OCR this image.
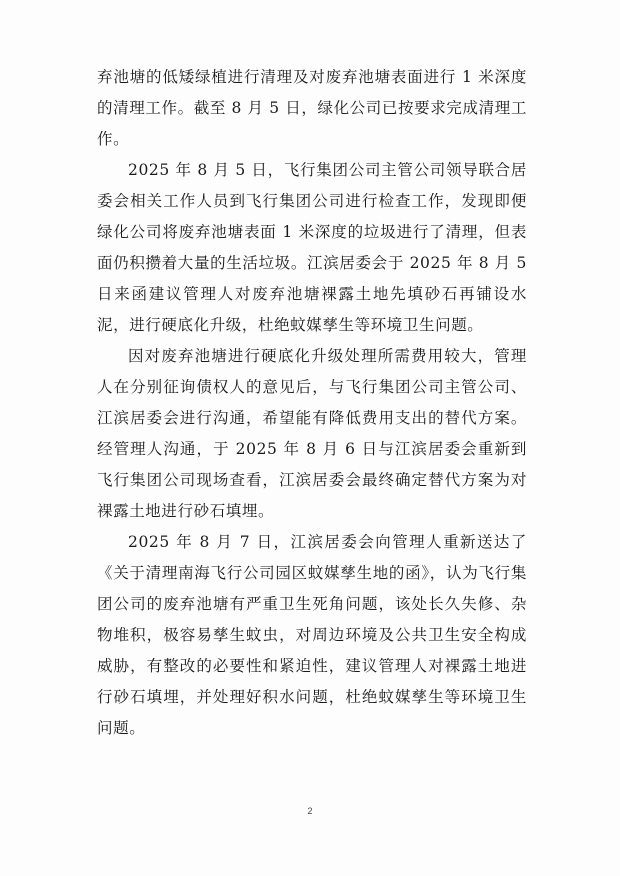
弃池塘的低矮绿植进行清理及对废弃池塘表面进行 1 米深度的清理工作。截至 8 月 5 日，绿化公司已按要求完成清理工作。

2025 年 8 月 5 日，飞行集团公司主管公司领导联合居委会相关工作人员到飞行集团公司进行检查工作，发现即便绿化公司将废弃池塘表面 1 米深度的垃圾进行了清理，但表面仍积攒着大量的生活垃圾。江滨居委会于 2025 年 8 月 5 日来函建议管理人对废弃池塘裸露土地先填砂石再铺设水泥，进行硬底化升级，杜绝蚊媒孳生等环境卫生问题。

因对废弃池塘进行硬底化升级处理所需费用较大，管理人在分别征询债权人的意见后，与飞行集团公司主管公司、江滨居委会进行沟通，希望能有降低费用支出的替代方案。经管理人沟通，于 2025 年 8 月 6 日与江滨居委会重新到飞行集团公司现场查看，江滨居委会最终确定替代方案为对裸露土地进行砂石填埋。

2025 年 8 月 7 日，江滨居委会向管理人重新送达了《关于清理南海飞行公司园区蚊媒孳生地的函》，认为飞行集团公司的废弃池塘有严重卫生死角问题，该处长久失修、杂物堆积，极容易孳生蚊虫，对周边环境及公共卫生安全构成威胁，有整改的必要性和紧迫性，建议管理人对裸露土地进行砂石填埋，并处理好积水问题，杜绝蚊媒孳生等环境卫生问题。

2
